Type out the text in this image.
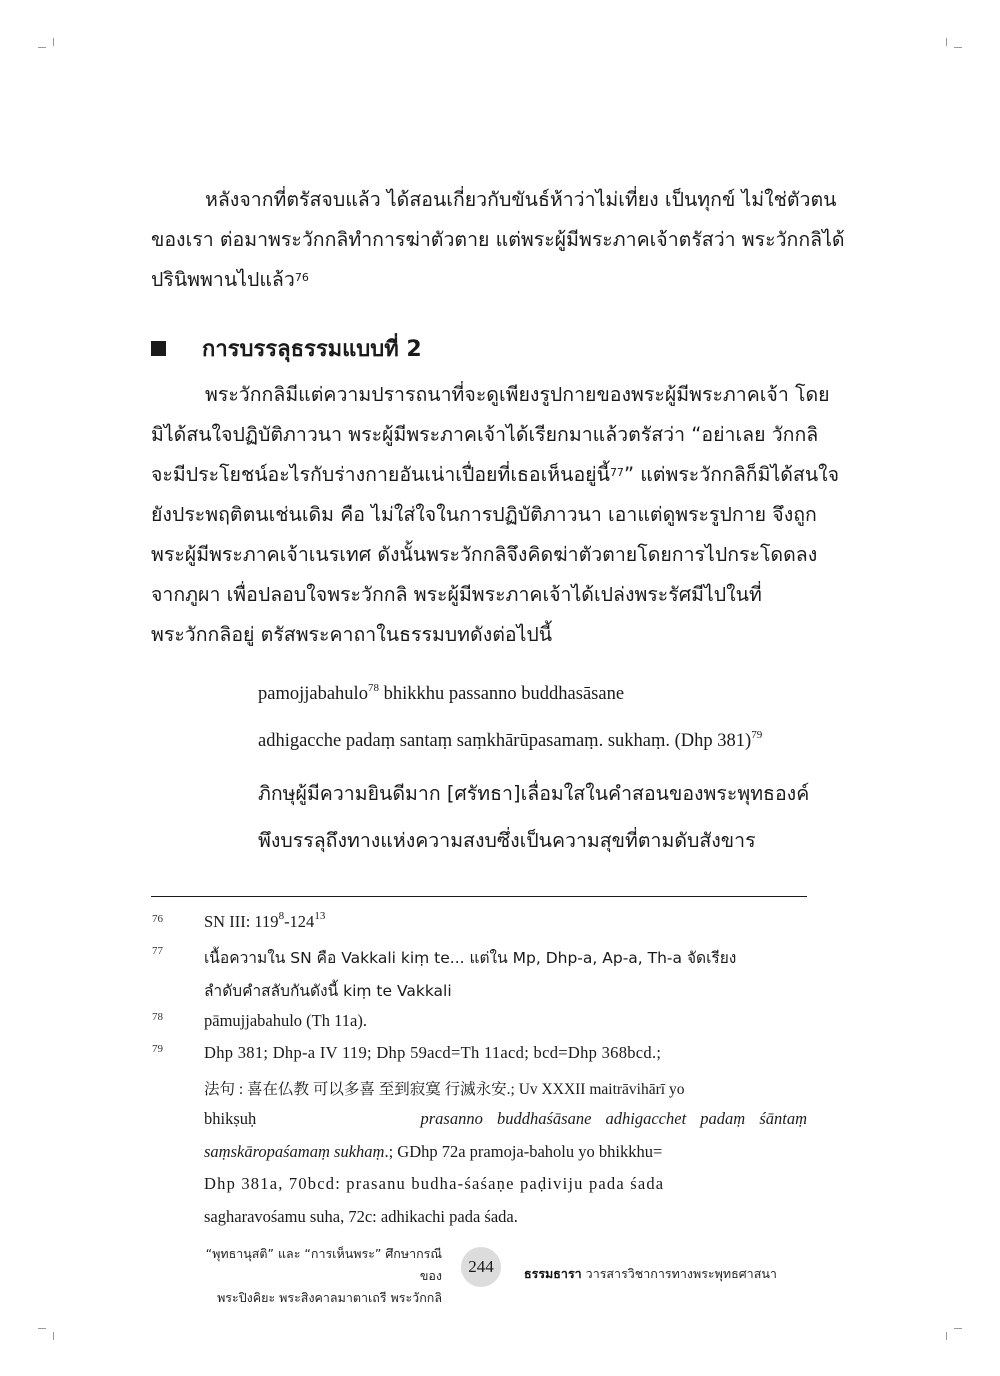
หลังจากที่ตรัสจบแล้ว ได้สอนเกี่ยวกับขันธ์ห้าว่าไม่เที่ยง เป็นทุกข์ ไม่ใช่ตัวตน
ของเรา ต่อมาพระวักกลิทำการฆ่าตัวตาย แต่พระผู้มีพระภาคเจ้าตรัสว่า พระวักกลิได้
ปรินิพพานไปแล้ว$^{76}$
การบรรลุธรรมแบบที่ 2
พระวักกลิมีแต่ความปรารถนาที่จะดูเพียงรูปกายของพระผู้มีพระภาคเจ้า โดย
มิได้สนใจปฏิบัติภาวนา พระผู้มีพระภาคเจ้าได้เรียกมาแล้วตรัสว่า “อย่าเลย วักกลิ
จะมีประโยชน์อะไรกับร่างกายอันเน่าเปื่อยที่เธอเห็นอยู่นี้$^{77}$” แต่พระวักกลิก็มิได้สนใจ
ยังประพฤติตนเช่นเดิม คือ ไม่ใส่ใจในการปฏิบัติภาวนา เอาแต่ดูพระรูปกาย จึงถูก
พระผู้มีพระภาคเจ้าเนรเทศ ดังนั้นพระวักกลิจึงคิดฆ่าตัวตายโดยการไปกระโดดลง
จากภูผา เพื่อปลอบใจพระวักกลิ พระผู้มีพระภาคเจ้าได้เปล่งพระรัศมีไปในที่
พระวักกลิอยู่ ตรัสพระคาถาในธรรมบทดังต่อไปนี้
pamojjabahulo$^{78}$ bhikkhu passanno buddhasāsane
adhigacche padaṃ santaṃ saṃkhārūpasamaṃ. sukhaṃ. (Dhp 381)$^{79}$
ภิกษุผู้มีความยินดีมาก [ศรัทธา]เลื่อมใสในคำสอนของพระพุทธองค์
พึงบรรลุถึงทางแห่งความสงบซึ่งเป็นความสุขที่ตามดับสังขาร
76 SN III: $119^8-124^{13}$
77	เนื้อความใน SN คือ Vakkali kiṃ te... แต่ใน Mp, Dhp-a, Ap-a, Th-a จัดเรียง
ลำดับคำสลับกันดังนี้ kiṃ te Vakkali
78 pāmujjabahulo (Th 11a).
79 Dhp 381; Dhp-a IV 119; Dhp 59acd=Th 11acd; bcd=Dhp 368bcd.;
法句 : 喜在仏教 可以多喜 至到寂寞 行滅永安.; Uv XXXII maitrāvihārī yo
bhikṣuḥ	prasanno buddhaśāsane adhigacchet padaṃ śāntaṃ
saṃskāropaśamaṃ sukhaṃ.; GDhp 72a pramoja-baholu yo bhikkhu=
Dhp 381a, 70bcd: prasanu budha-śaśaṇe paḍiviju pada śada
sagharavośamu suha, 72c: adhikachi pada śada.
“พุทธานุสติ” และ “การเห็นพระ” ศึกษากรณีของ
พระปิงคิยะ พระสิงคาลมาตาเถรี พระวักกลิ
244	ธรรมธารา วารสารวิชาการทางพระพุทธศาสนา
